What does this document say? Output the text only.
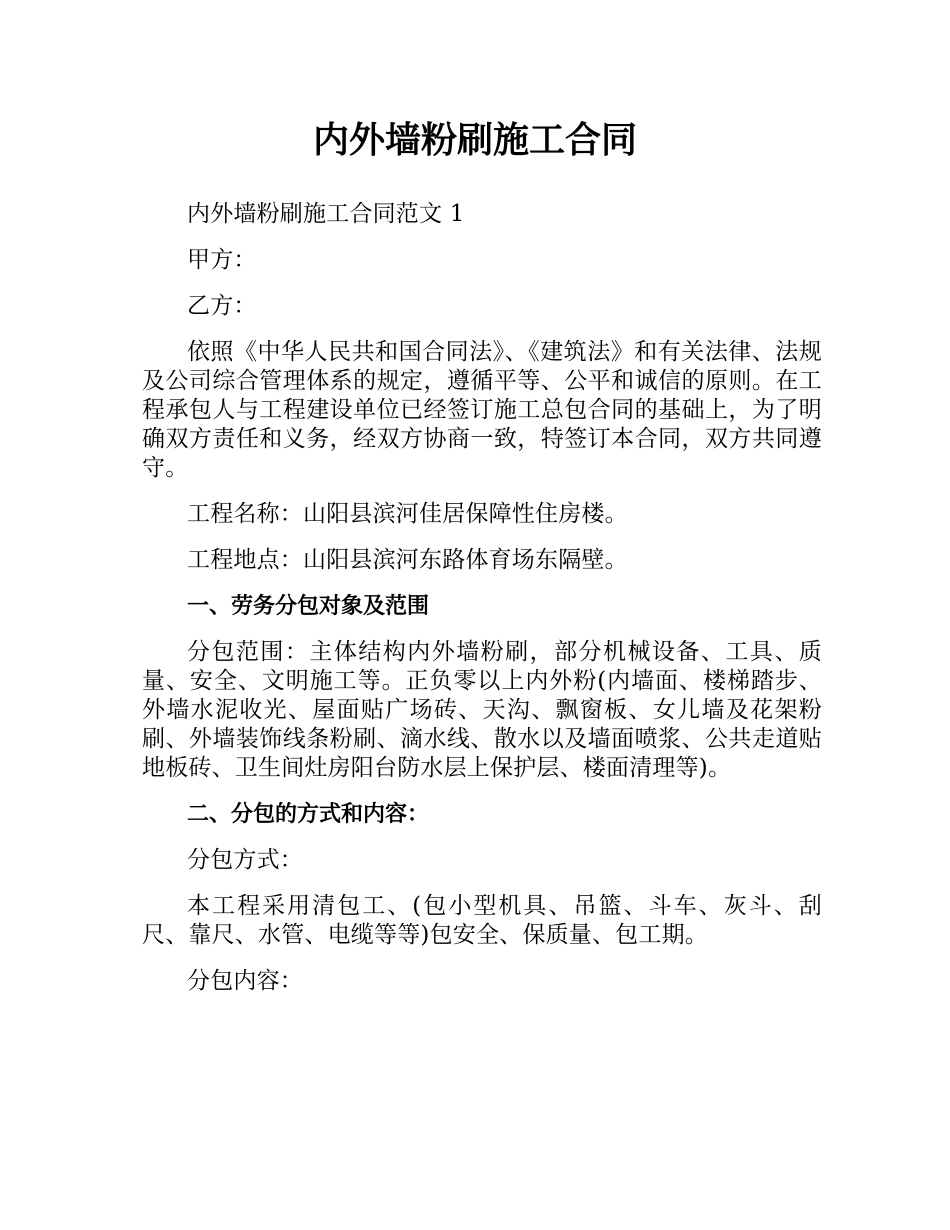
内外墙粉刷施工合同

内外墙粉刷施工合同范文 1

甲方：

乙方：

依照《中华人民共和国合同法》、《建筑法》和有关法律、法规及公司综合管理体系的规定，遵循平等、公平和诚信的原则。在工程承包人与工程建设单位已经签订施工总包合同的基础上，为了明确双方责任和义务，经双方协商一致，特签订本合同，双方共同遵守。

工程名称：山阳县滨河佳居保障性住房楼。

工程地点：山阳县滨河东路体育场东隔壁。

一、劳务分包对象及范围

分包范围：主体结构内外墙粉刷，部分机械设备、工具、质量、安全、文明施工等。正负零以上内外粉(内墙面、楼梯踏步、外墙水泥收光、屋面贴广场砖、天沟、飘窗板、女儿墙及花架粉刷、外墙装饰线条粉刷、滴水线、散水以及墙面喷浆、公共走道贴地板砖、卫生间灶房阳台防水层上保护层、楼面清理等)。

二、分包的方式和内容：

分包方式：

本工程采用清包工、(包小型机具、吊篮、斗车、灰斗、刮尺、靠尺、水管、电缆等等)包安全、保质量、包工期。

分包内容：
